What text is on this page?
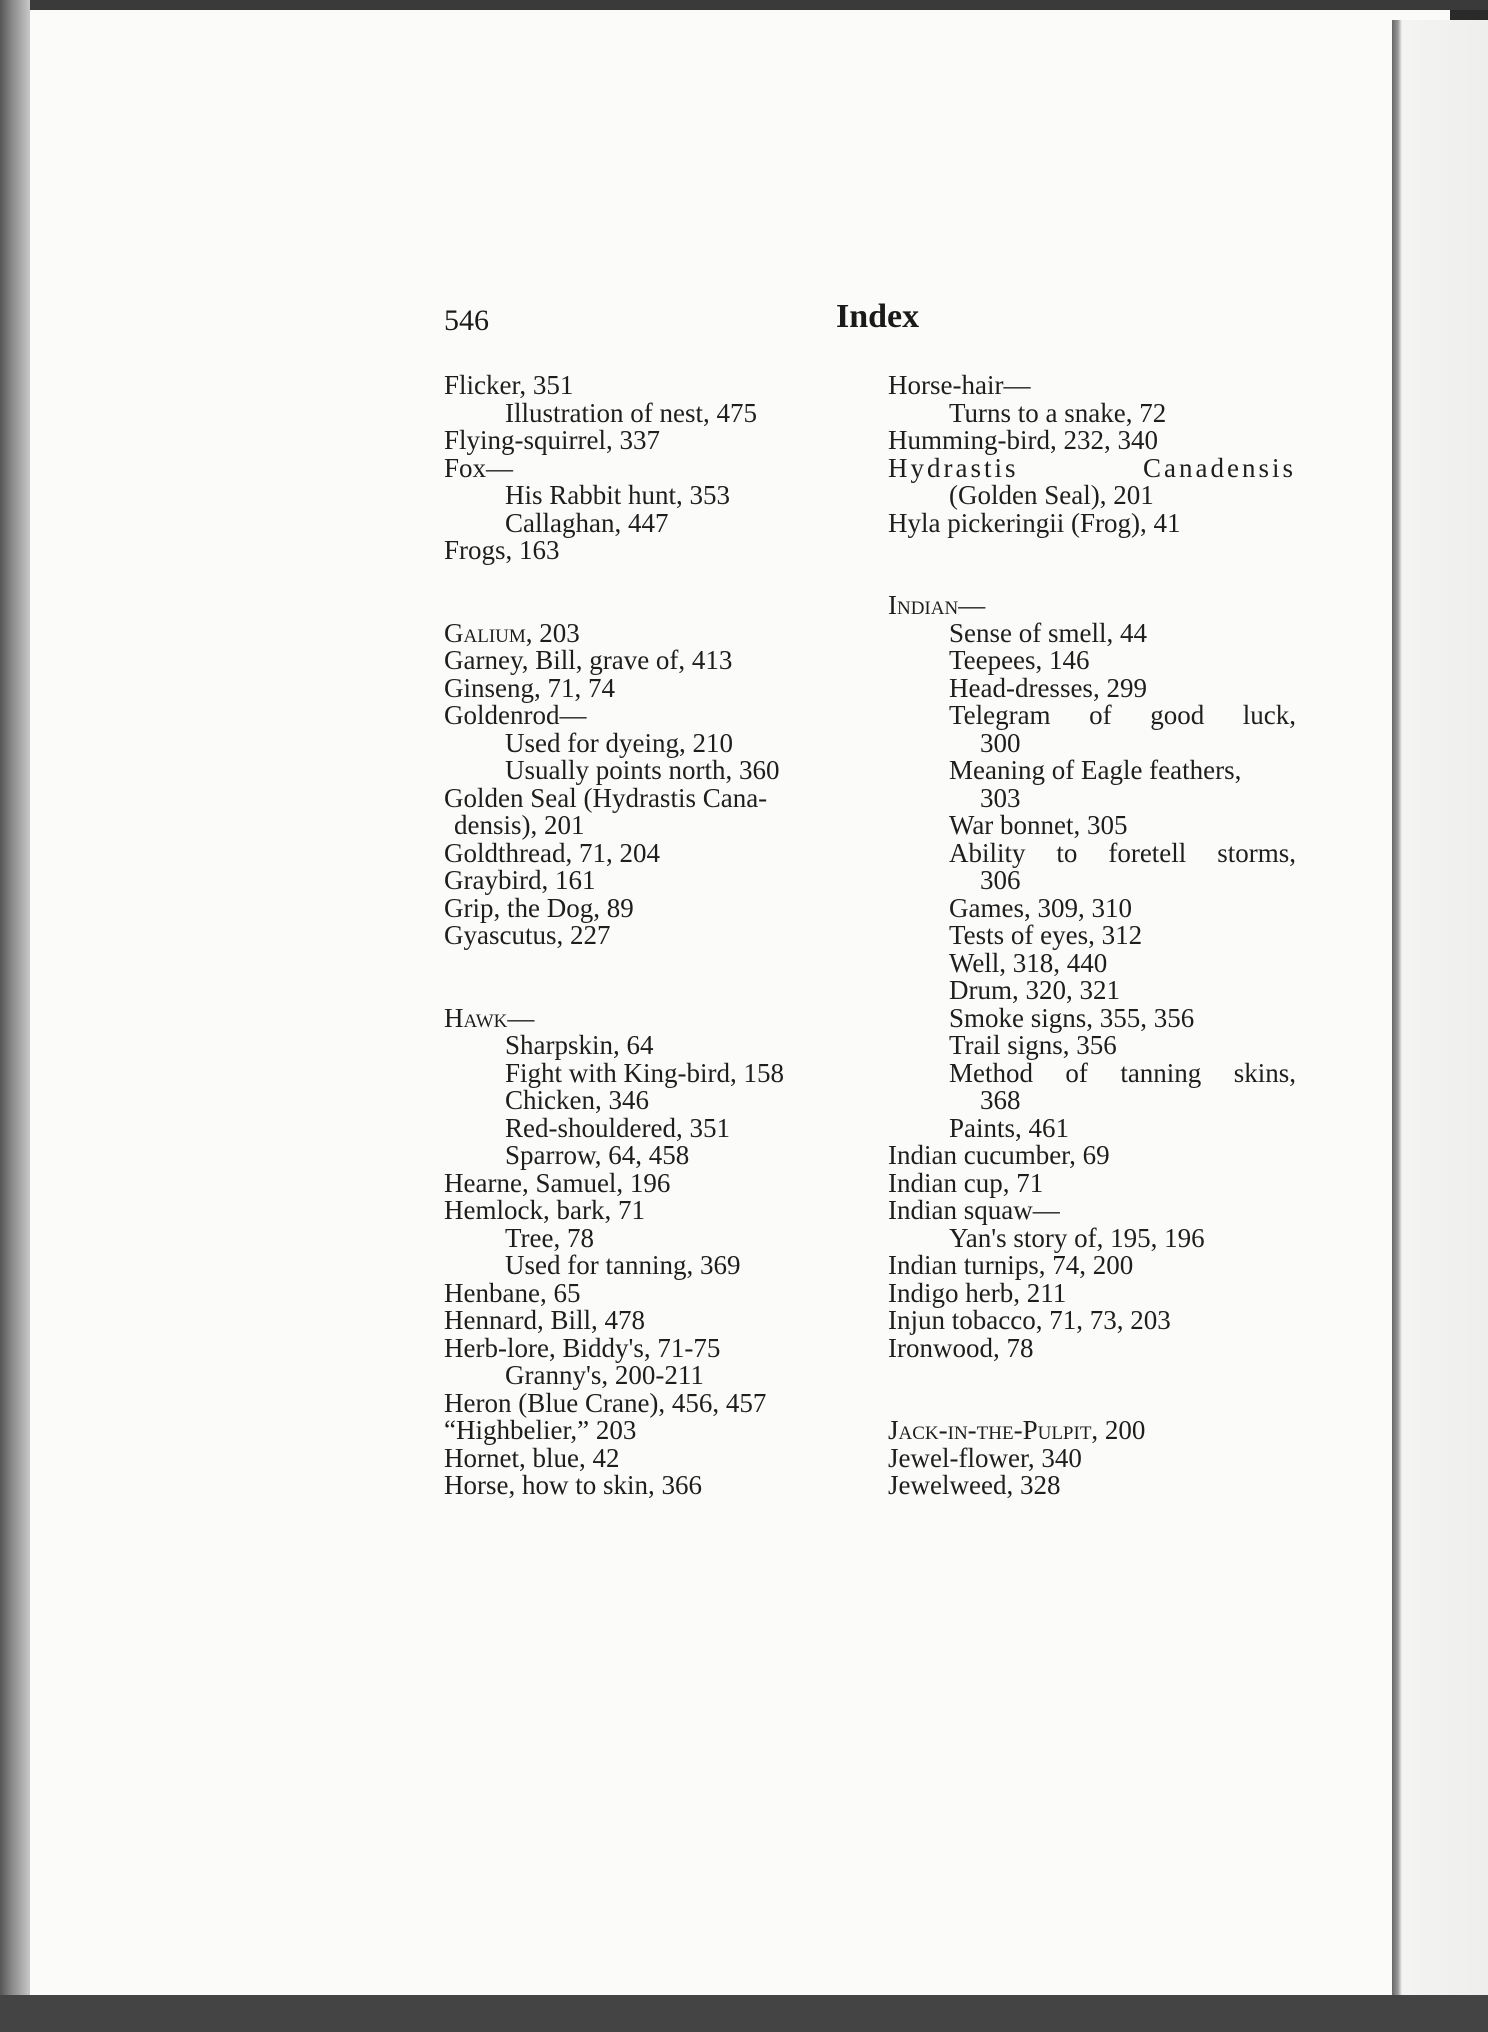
546	Index
Flicker, 351
Illustration of nest, 475
Flying-squirrel, 337
Fox—
His Rabbit hunt, 353
Callaghan, 447
Frogs, 163
Galium, 203
Garney, Bill, grave of, 413
Ginseng, 71, 74
Goldenrod—
Used for dyeing, 210
Usually points north, 360
Golden Seal (Hydrastis Cana-
densis), 201
Goldthread, 71, 204
Graybird, 161
Grip, the Dog, 89
Gyascutus, 227
Hawk—
Sharpskin, 64
Fight with King-bird, 158
Chicken, 346
Red-shouldered, 351
Sparrow, 64, 458
Hearne, Samuel, 196
Hemlock, bark, 71
Tree, 78
Used for tanning, 369
Henbane, 65
Hennard, Bill, 478
Herb-lore, Biddy's, 71-75
Granny's, 200-211
Heron (Blue Crane), 456, 457
“Highbelier,” 203
Hornet, blue, 42
Horse, how to skin, 366
Horse-hair—
Turns to a snake, 72
Humming-bird, 232, 340
Hydrastis	Canadensis
(Golden Seal), 201
Hyla pickeringii (Frog), 41
Indian—
Sense of smell, 44
Teepees, 146
Head-dresses, 299
Telegram of good luck,
300
Meaning of Eagle feathers,
303
War bonnet, 305
Ability to foretell storms,
306
Games, 309, 310
Tests of eyes, 312
Well, 318, 440
Drum, 320, 321
Smoke signs, 355, 356
Trail signs, 356
Method of tanning skins,
368
Paints, 461
Indian cucumber, 69
Indian cup, 71
Indian squaw—
Yan's story of, 195, 196
Indian turnips, 74, 200
Indigo herb, 211
Injun tobacco, 71, 73, 203
Ironwood, 78
Jack-in-the-Pulpit, 200
Jewel-flower, 340
Jewelweed, 328
